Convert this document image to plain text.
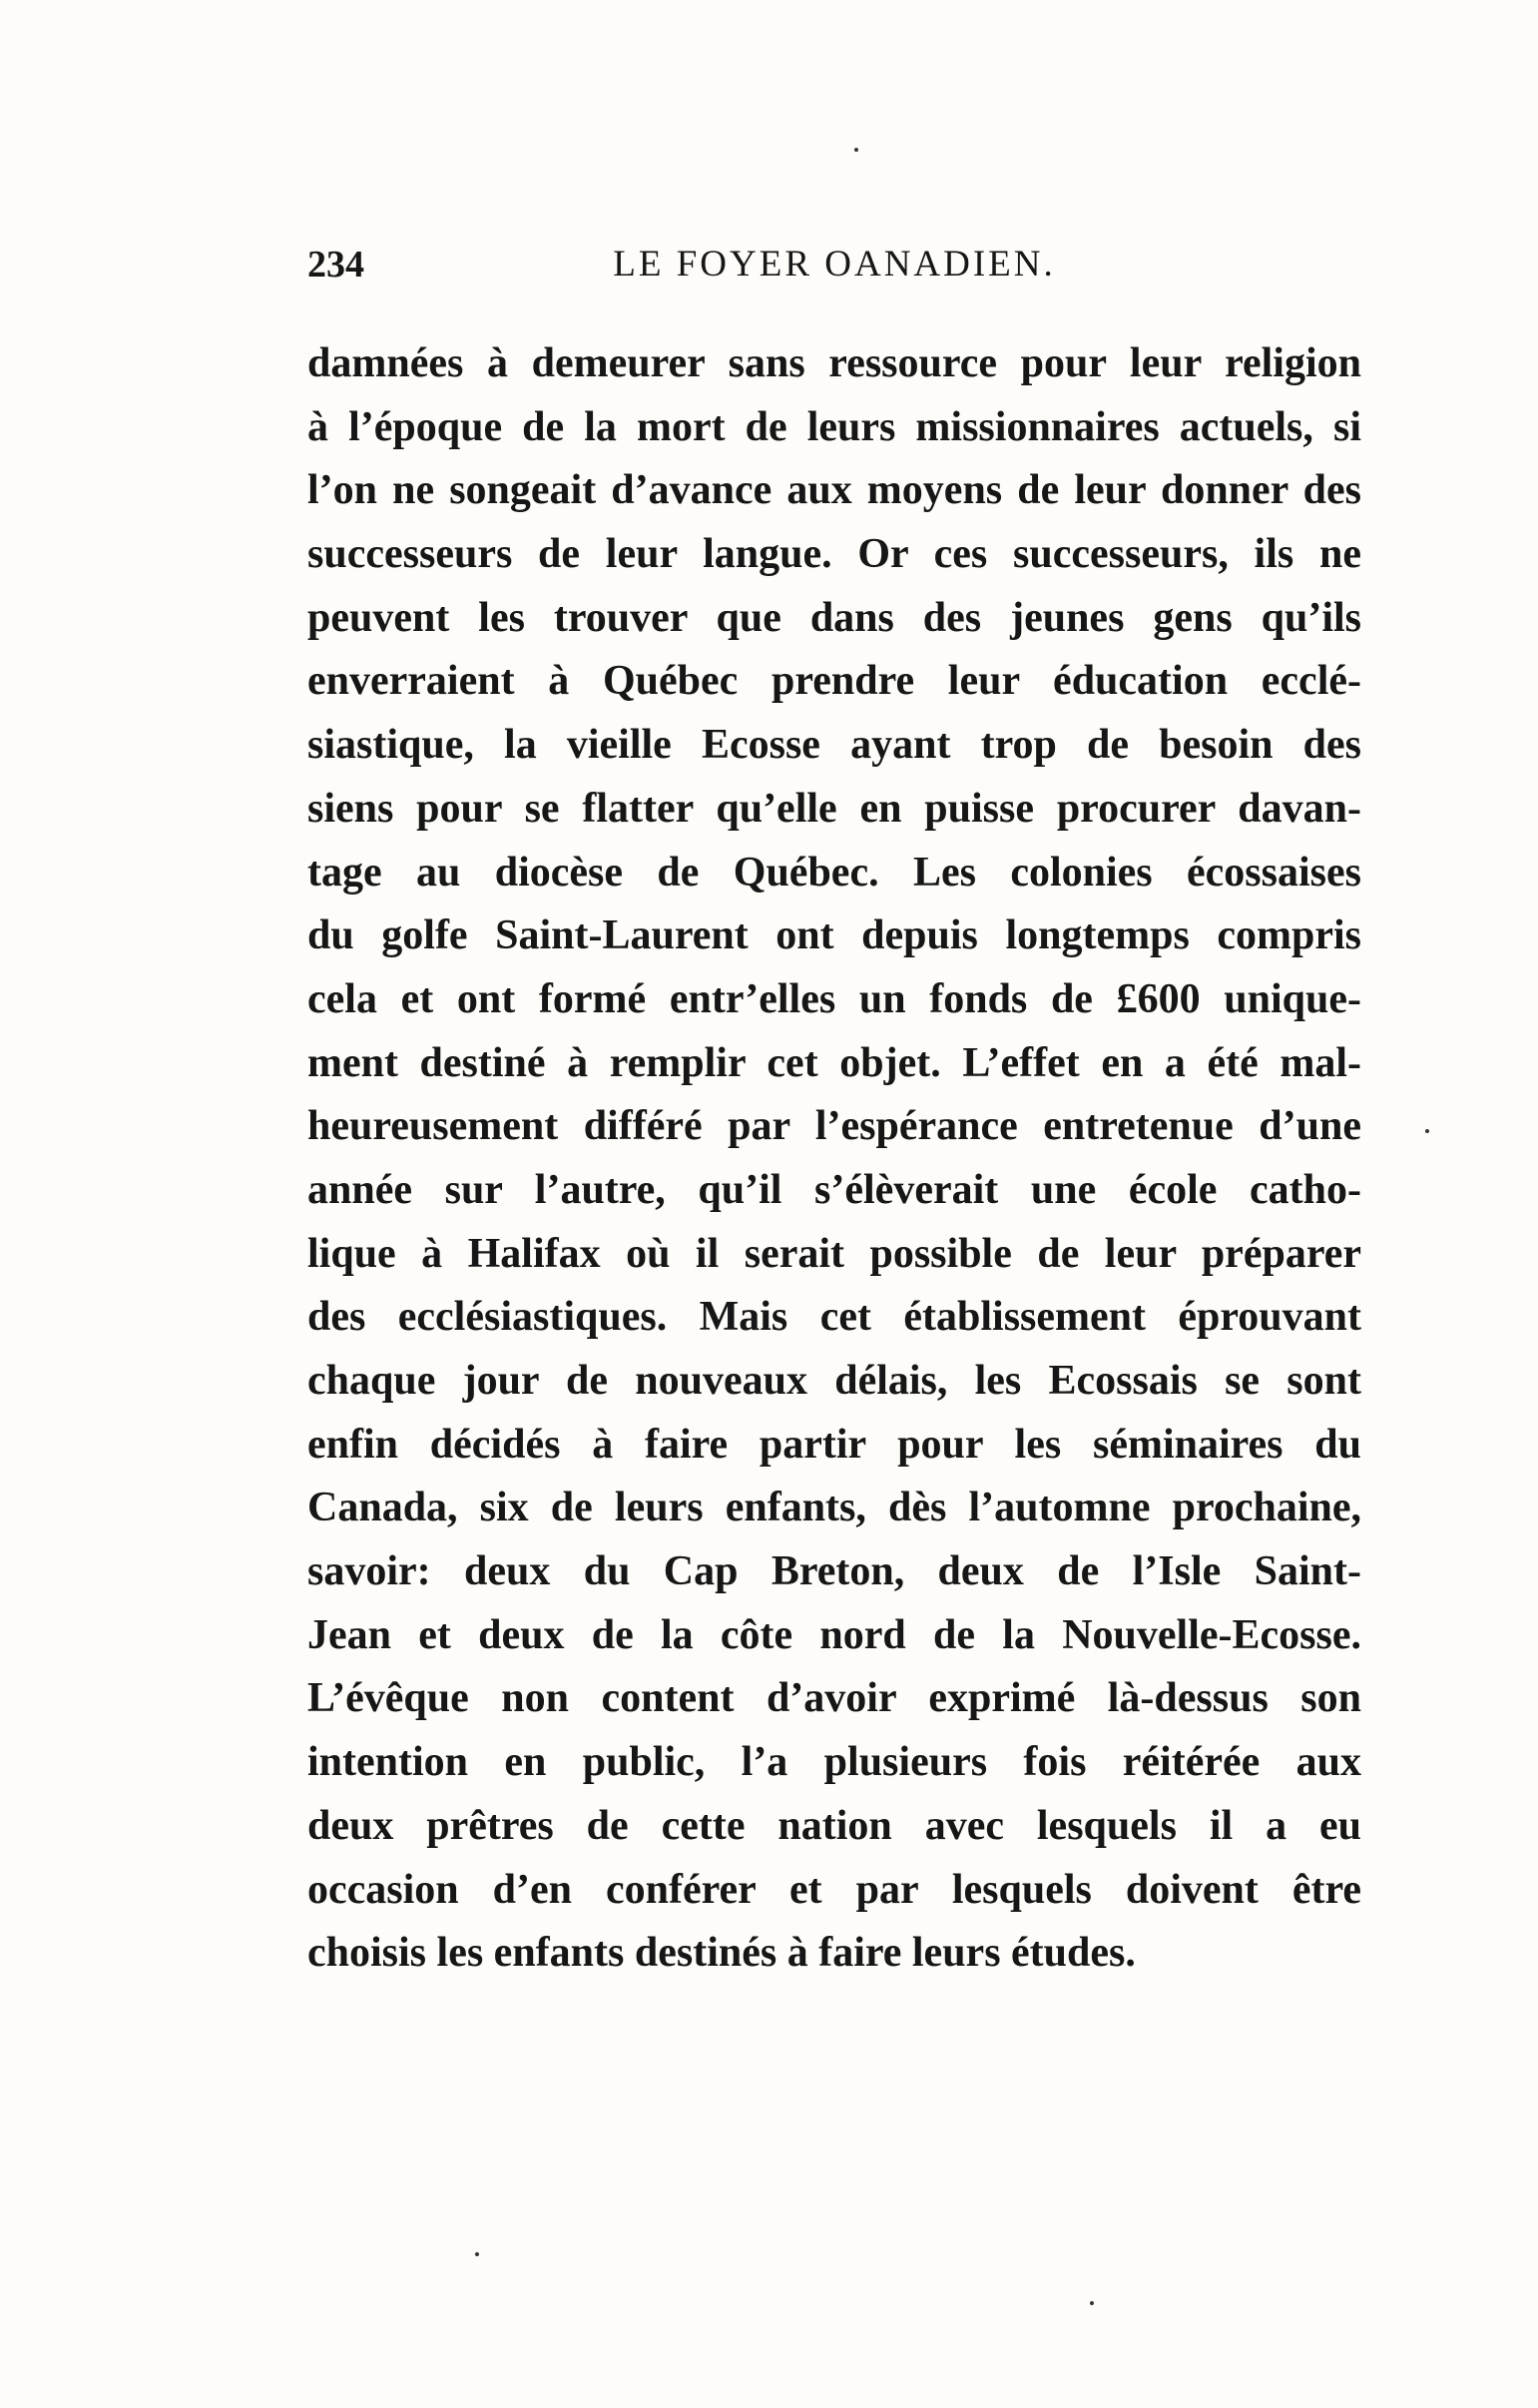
234	LE FOYER OANADIEN.
damnées à demeurer sans ressource pour leur religion
à l’époque de la mort de leurs missionnaires actuels, si
l’on ne songeait d’avance aux moyens de leur donner des
successeurs de leur langue. Or ces successeurs, ils ne
peuvent les trouver que dans des jeunes gens qu’ils
enverraient à Québec prendre leur éducation ecclé-
siastique, la vieille Ecosse ayant trop de besoin des
siens pour se flatter qu’elle en puisse procurer davan-
tage au diocèse de Québec. Les colonies écossaises
du golfe Saint-Laurent ont depuis longtemps compris
cela et ont formé entr’elles un fonds de £600 unique-
ment destiné à remplir cet objet. L’effet en a été mal-
heureusement différé par l’espérance entretenue d’une
année sur l’autre, qu’il s’élèverait une école catho-
lique à Halifax où il serait possible de leur préparer
des ecclésiastiques. Mais cet établissement éprouvant
chaque jour de nouveaux délais, les Ecossais se sont
enfin décidés à faire partir pour les séminaires du
Canada, six de leurs enfants, dès l’automne prochaine,
savoir: deux du Cap Breton, deux de l’Isle Saint-
Jean et deux de la côte nord de la Nouvelle-Ecosse.
L’évêque non content d’avoir exprimé là-dessus son
intention en public, l’a plusieurs fois réitérée aux
deux prêtres de cette nation avec lesquels il a eu
occasion d’en conférer et par lesquels doivent être
choisis les enfants destinés à faire leurs études.
